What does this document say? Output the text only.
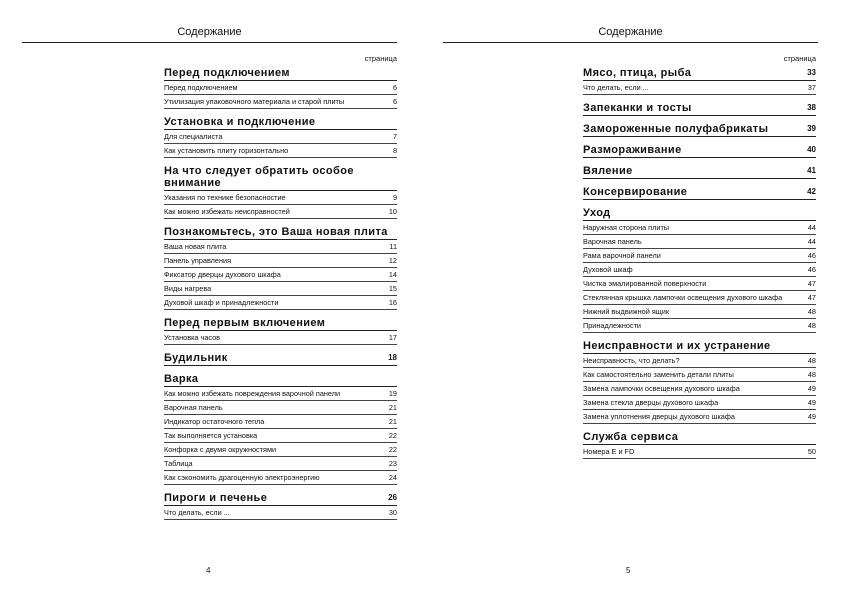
Содержание
страница
Перед подключением
Перед подключением	6
Утилизация упаковочного материала и старой плиты	6
Установка и подключение
Для специалиста	7
Как установить плиту горизонтально	8
На что следует обратить особое внимание
Указания по технике безопасностие	9
Как можно избежать неисправностей	10
Познакомьтесь, это Ваша новая плита
Ваша новая плита	11
Панель управления	12
Фиксатор дверцы духового шкафа	14
Виды нагрева	15
Духовой шкаф и принадлежности	16
Перед первым включением
Установка часов	17
Будильник	18
Варка
Как можно избежать повреждения варочной панели	19
Варочная панель	21
Индикатор остаточного тепла	21
Так выполняется установка	22
Конфорка с двумя окружностями	22
Таблица	23
Как сэкономить драгоценную электроэнергию	24
Пироги и печенье	26
Что делать, если ...	30
4
Содержание
страница
Мясо, птица, рыба	33
Что делать, если ...	37
Запеканки и тосты	38
Замороженные полуфабрикаты	39
Размораживание	40
Вяление	41
Консервирование	42
Уход
Наружная сторона плиты	44
Варочная панель	44
Рама варочной панели	46
Духовой шкаф	46
Чистка эмалированной поверхности	47
Стеклянная крышка лампочки освещения духового шкафа	47
Нижний выдвижной ящик	48
Принадлежности	48
Неисправности и их устранение
Неисправность, что делать?	48
Как самостоятельно заменить детали плиты	48
Замена лампочки освещения духового шкафа	49
Замена стекла дверцы духового шкафа	49
Замена уплотнения дверцы духового шкафа	49
Служба сервиса
Номера Е и FD	50
5
